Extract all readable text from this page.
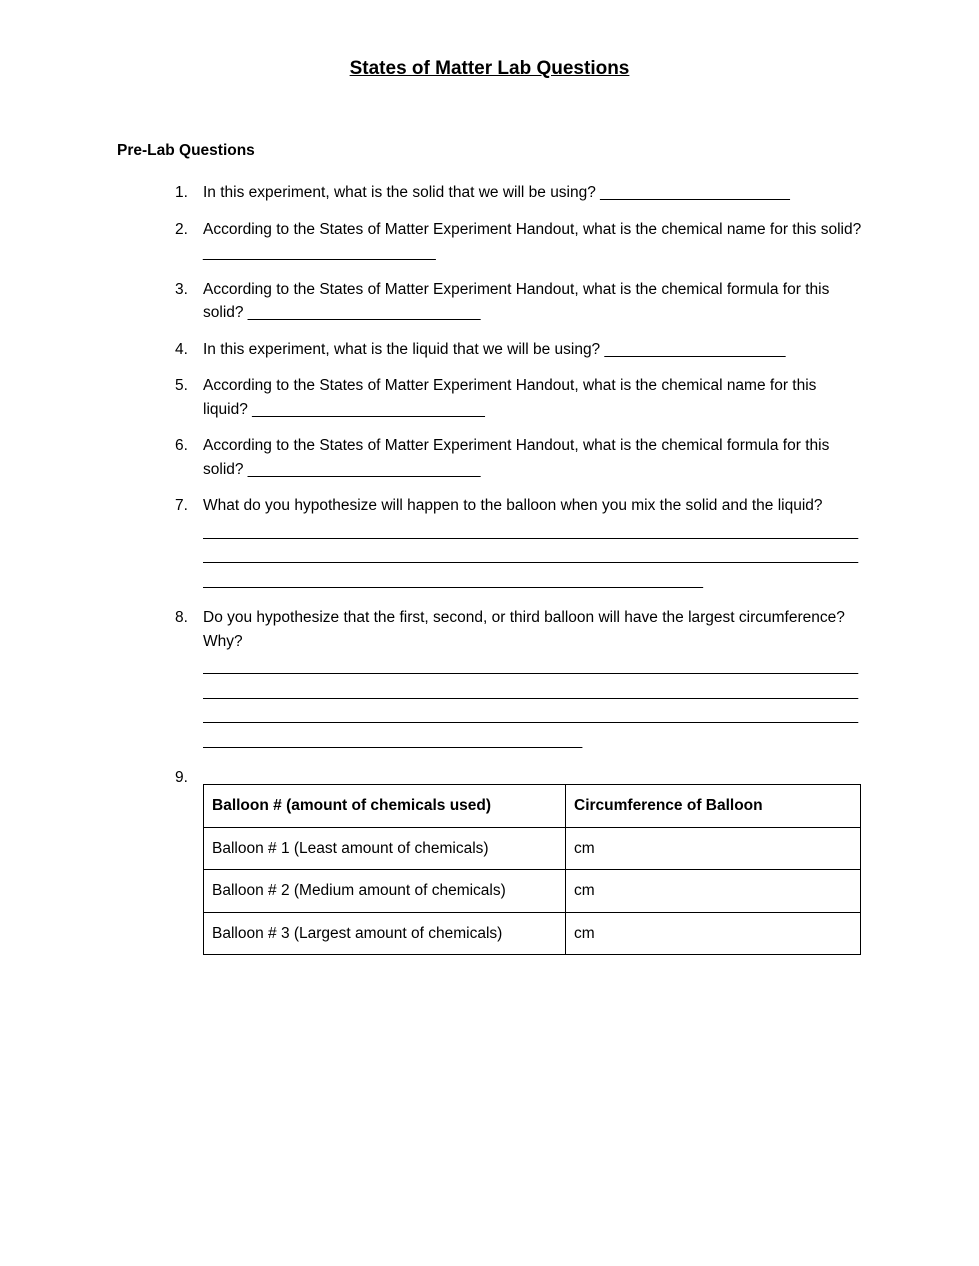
States of Matter Lab Questions
Pre-Lab Questions
1. In this experiment, what is the solid that we will be using? ______________________
2. According to the States of Matter Experiment Handout, what is the chemical name for this solid? ___________________________
3. According to the States of Matter Experiment Handout, what is the chemical formula for this solid? ___________________________
4. In this experiment, what is the liquid that we will be using? _____________________
5. According to the States of Matter Experiment Handout, what is the chemical name for this liquid? ___________________________
6. According to the States of Matter Experiment Handout, what is the chemical formula for this solid? ___________________________
7. What do you hypothesize will happen to the balloon when you mix the solid and the liquid?
____________________________________________________________________________
____________________________________________________________________________
__________________________________________________________
8. Do you hypothesize that the first, second, or third balloon will have the largest circumference? Why?
____________________________________________________________________________
____________________________________________________________________________
____________________________________________________________________________
____________________________________________
9.
Balloon # (amount of chemicals used)	Circumference of Balloon
Balloon # 1 (Least amount of chemicals)	cm
Balloon # 2 (Medium amount of chemicals)	cm
Balloon # 3 (Largest amount of chemicals)	cm
